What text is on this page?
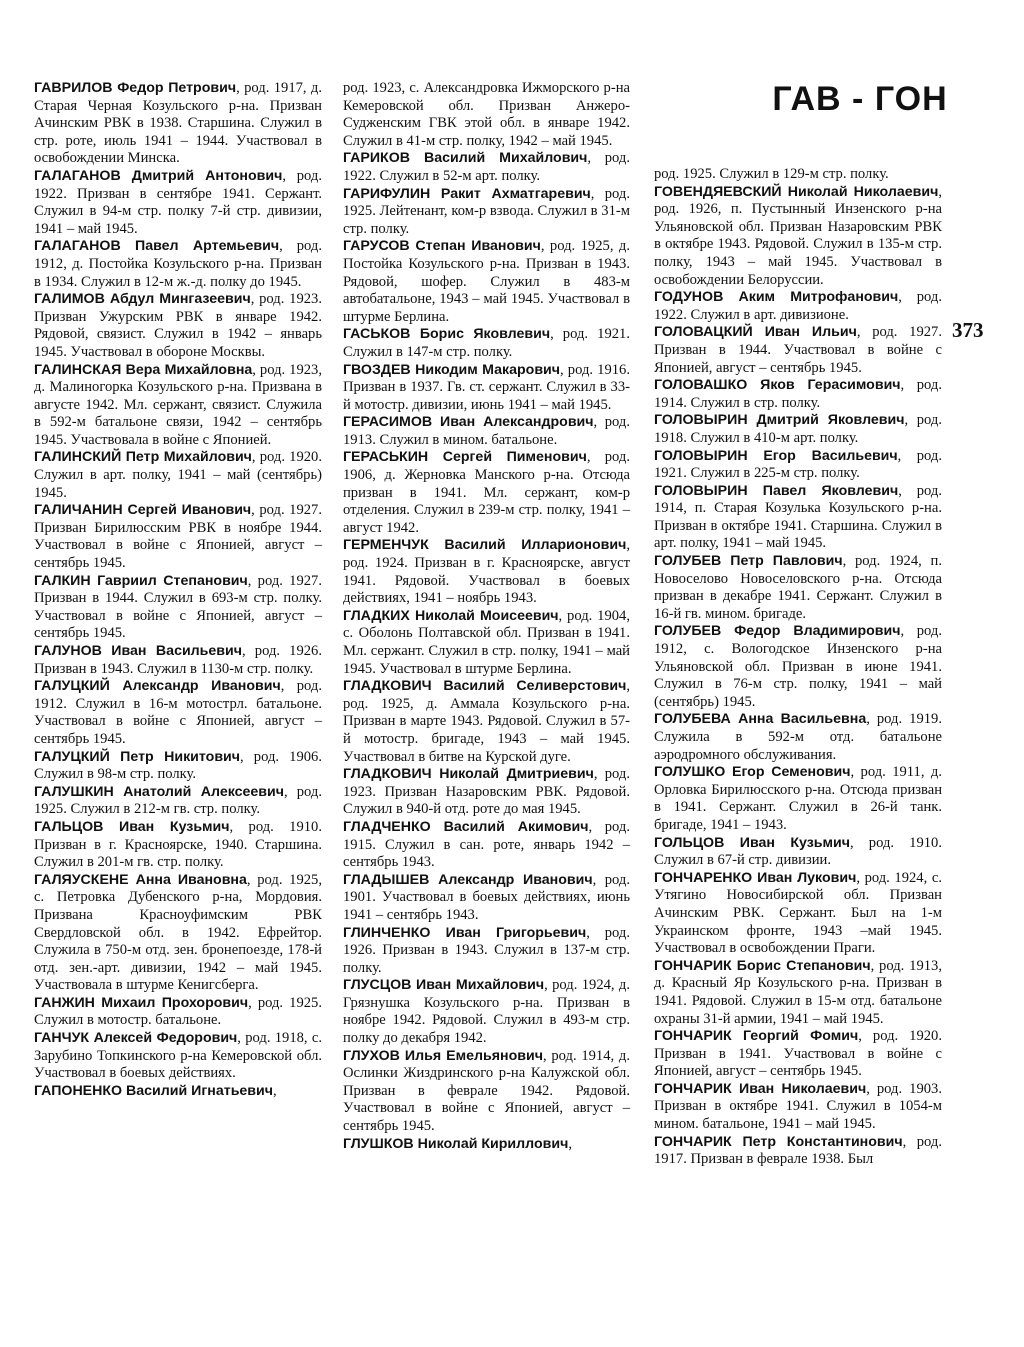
ГАВ - ГОН
373

ГАВРИЛОВ Федор Петрович, род. 1917, д. Старая Черная Козульского р-на. Призван Ачинским РВК в 1938. Старшина. Служил в стр. роте, июль 1941 – 1944. Участвовал в освобождении Минска.

ГАЛАГАНОВ Дмитрий Антонович, род. 1922. Призван в сентябре 1941. Сержант. Служил в 94-м стр. полку 7-й стр. дивизии, 1941 – май 1945.

ГАЛАГАНОВ Павел Артемьевич, род. 1912, д. Постойка Козульского р-на. Призван в 1934. Служил в 12-м ж.-д. полку до 1945.

ГАЛИМОВ Абдул Мингазеевич, род. 1923. Призван Ужурским РВК в январе 1942. Рядовой, связист. Служил в 1942 – январь 1945. Участвовал в обороне Москвы.

ГАЛИНСКАЯ Вера Михайловна, род. 1923, д. Малиногорка Козульского р-на. Призвана в августе 1942. Мл. сержант, связист. Служила в 592-м батальоне связи, 1942 – сентябрь 1945. Участвовала в войне с Японией.

ГАЛИНСКИЙ Петр Михайлович, род. 1920. Служил в арт. полку, 1941 – май (сентябрь) 1945.

ГАЛИЧАНИН Сергей Иванович, род. 1927. Призван Бирилюсским РВК в ноябре 1944. Участвовал в войне с Японией, август – сентябрь 1945.

ГАЛКИН Гавриил Степанович, род. 1927. Призван в 1944. Служил в 693-м стр. полку. Участвовал в войне с Японией, август – сентябрь 1945.

ГАЛУНОВ Иван Васильевич, род. 1926. Призван в 1943. Служил в 1130-м стр. полку.

ГАЛУЦКИЙ Александр Иванович, род. 1912. Служил в 16-м мотострл. батальоне. Участвовал в войне с Японией, август – сентябрь 1945.

ГАЛУЦКИЙ Петр Никитович, род. 1906. Служил в 98-м стр. полку.

ГАЛУШКИН Анатолий Алексеевич, род. 1925. Служил в 212-м гв. стр. полку.

ГАЛЬЦОВ Иван Кузьмич, род. 1910. Призван в г. Красноярске, 1940. Старшина. Служил в 201-м гв. стр. полку.

ГАЛЯУСКЕНЕ Анна Ивановна, род. 1925, с. Петровка Дубенского р-на, Мордовия. Призвана Красноуфимским РВК Свердловской обл. в 1942. Ефрейтор. Служила в 750-м отд. зен. бронепоезде, 178-й отд. зен.-арт. дивизии, 1942 – май 1945. Участвовала в штурме Кенигсберга.

ГАНЖИН Михаил Прохорович, род. 1925. Служил в мотостр. батальоне.

ГАНЧУК Алексей Федорович, род. 1918, с. Зарубино Топкинского р-на Кемеровской обл. Участвовал в боевых действиях.

ГАПОНЕНКО Василий Игнатьевич,

род. 1923, с. Александровка Ижморского р-на Кемеровской обл. Призван Анжеро-Судженским ГВК этой обл. в январе 1942. Служил в 41-м стр. полку, 1942 – май 1945.

ГАРИКОВ Василий Михайлович, род. 1922. Служил в 52-м арт. полку.

ГАРИФУЛИН Ракит Ахматгаревич, род. 1925. Лейтенант, ком-р взвода. Служил в 31-м стр. полку.

ГАРУСОВ Степан Иванович, род. 1925, д. Постойка Козульского р-на. Призван в 1943. Рядовой, шофер. Служил в 483-м автобатальоне, 1943 – май 1945. Участвовал в штурме Берлина.

ГАСЬКОВ Борис Яковлевич, род. 1921. Служил в 147-м стр. полку.

ГВОЗДЕВ Никодим Макарович, род. 1916. Призван в 1937. Гв. ст. сержант. Служил в 33-й мотостр. дивизии, июнь 1941 – май 1945.

ГЕРАСИМОВ Иван Александрович, род. 1913. Служил в мином. батальоне.

ГЕРАСЬКИН Сергей Пименович, род. 1906, д. Жерновка Манского р-на. Отсюда призван в 1941. Мл. сержант, ком-р отделения. Служил в 239-м стр. полку, 1941 – август 1942.

ГЕРМЕНЧУК Василий Илларионович, род. 1924. Призван в г. Красноярске, август 1941. Рядовой. Участвовал в боевых действиях, 1941 – ноябрь 1943.

ГЛАДКИХ Николай Моисеевич, род. 1904, с. Оболонь Полтавской обл. Призван в 1941. Мл. сержант. Служил в стр. полку, 1941 – май 1945. Участвовал в штурме Берлина.

ГЛАДКОВИЧ Василий Селиверстович, род. 1925, д. Аммала Козульского р-на. Призван в марте 1943. Рядовой. Служил в 57-й мотостр. бригаде, 1943 – май 1945. Участвовал в битве на Курской дуге.

ГЛАДКОВИЧ Николай Дмитриевич, род. 1923. Призван Назаровским РВК. Рядовой. Служил в 940-й отд. роте до мая 1945.

ГЛАДЧЕНКО Василий Акимович, род. 1915. Служил в сан. роте, январь 1942 – сентябрь 1943.

ГЛАДЫШЕВ Александр Иванович, род. 1901. Участвовал в боевых действиях, июнь 1941 – сентябрь 1943.

ГЛИНЧЕНКО Иван Григорьевич, род. 1926. Призван в 1943. Служил в 137-м стр. полку.

ГЛУСЦОВ Иван Михайлович, род. 1924, д. Грязнушка Козульского р-на. Призван в ноябре 1942. Рядовой. Служил в 493-м стр. полку до декабря 1942.

ГЛУХОВ Илья Емельянович, род. 1914, д. Ослинки Жиздринского р-на Калужской обл. Призван в феврале 1942. Рядовой. Участвовал в войне с Японией, август – сентябрь 1945.

ГЛУШКОВ Николай Кириллович,

род. 1925. Служил в 129-м стр. полку.

ГОВЕНДЯЕВСКИЙ Николай Николаевич, род. 1926, п. Пустынный Инзенского р-на Ульяновской обл. Призван Назаровским РВК в октябре 1943. Рядовой. Служил в 135-м стр. полку, 1943 – май 1945. Участвовал в освобождении Белоруссии.

ГОДУНОВ Аким Митрофанович, род. 1922. Служил в арт. дивизионе.

ГОЛОВАЦКИЙ Иван Ильич, род. 1927. Призван в 1944. Участвовал в войне с Японией, август – сентябрь 1945.

ГОЛОВАШКО Яков Герасимович, род. 1914. Служил в стр. полку.

ГОЛОВЫРИН Дмитрий Яковлевич, род. 1918. Служил в 410-м арт. полку.

ГОЛОВЫРИН Егор Васильевич, род. 1921. Служил в 225-м стр. полку.

ГОЛОВЫРИН Павел Яковлевич, род. 1914, п. Старая Козулька Козульского р-на. Призван в октябре 1941. Старшина. Служил в арт. полку, 1941 – май 1945.

ГОЛУБЕВ Петр Павлович, род. 1924, п. Новоселово Новоселовского р-на. Отсюда призван в декабре 1941. Сержант. Служил в 16-й гв. мином. бригаде.

ГОЛУБЕВ Федор Владимирович, род. 1912, с. Вологодское Инзенского р-на Ульяновской обл. Призван в июне 1941. Служил в 76-м стр. полку, 1941 – май (сентябрь) 1945.

ГОЛУБЕВА Анна Васильевна, род. 1919. Служила в 592-м отд. батальоне аэродромного обслуживания.

ГОЛУШКО Егор Семенович, род. 1911, д. Орловка Бирилюсского р-на. Отсюда призван в 1941. Сержант. Служил в 26-й танк. бригаде, 1941 – 1943.

ГОЛЬЦОВ Иван Кузьмич, род. 1910. Служил в 67-й стр. дивизии.

ГОНЧАРЕНКО Иван Лукович, род. 1924, с. Утягино Новосибирской обл. Призван Ачинским РВК. Сержант. Был на 1-м Украинском фронте, 1943 –май 1945. Участвовал в освобождении Праги.

ГОНЧАРИК Борис Степанович, род. 1913, д. Красный Яр Козульского р-на. Призван в 1941. Рядовой. Служил в 15-м отд. батальоне охраны 31-й армии, 1941 – май 1945.

ГОНЧАРИК Георгий Фомич, род. 1920. Призван в 1941. Участвовал в войне с Японией, август – сентябрь 1945.

ГОНЧАРИК Иван Николаевич, род. 1903. Призван в октябре 1941. Служил в 1054-м мином. батальоне, 1941 – май 1945.

ГОНЧАРИК Петр Константинович, род. 1917. Призван в феврале 1938. Был
